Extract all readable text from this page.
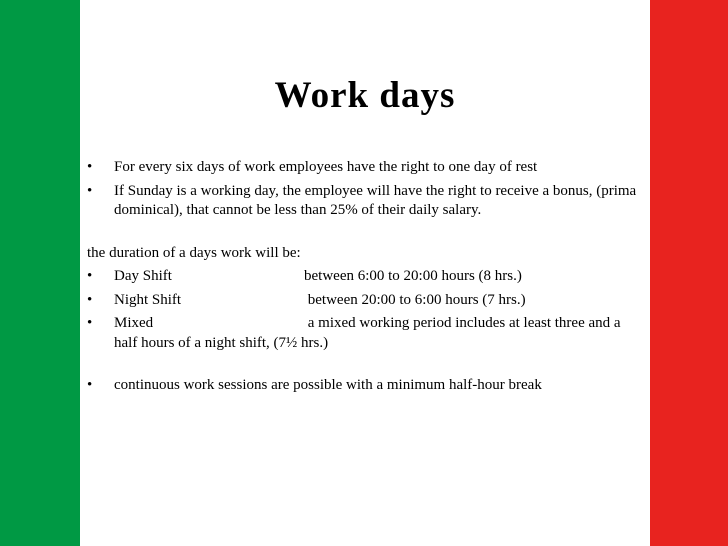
Work days

• For every six days of work employees have the right to one day of rest

• If Sunday is a working day, the employee will have the right to receive a bonus, (prima dominical), that cannot be less than 25% of their daily salary.

the duration of a days work will be:

• Day Shift	between 6:00 to 20:00 hours (8 hrs.)

• Night Shift	between 20:00 to 6:00 hours (7 hrs.)

• Mixed	a mixed working period includes at least three and a half hours of a night shift, (7½ hrs.)

• continuous work sessions are possible with a minimum half-hour break
